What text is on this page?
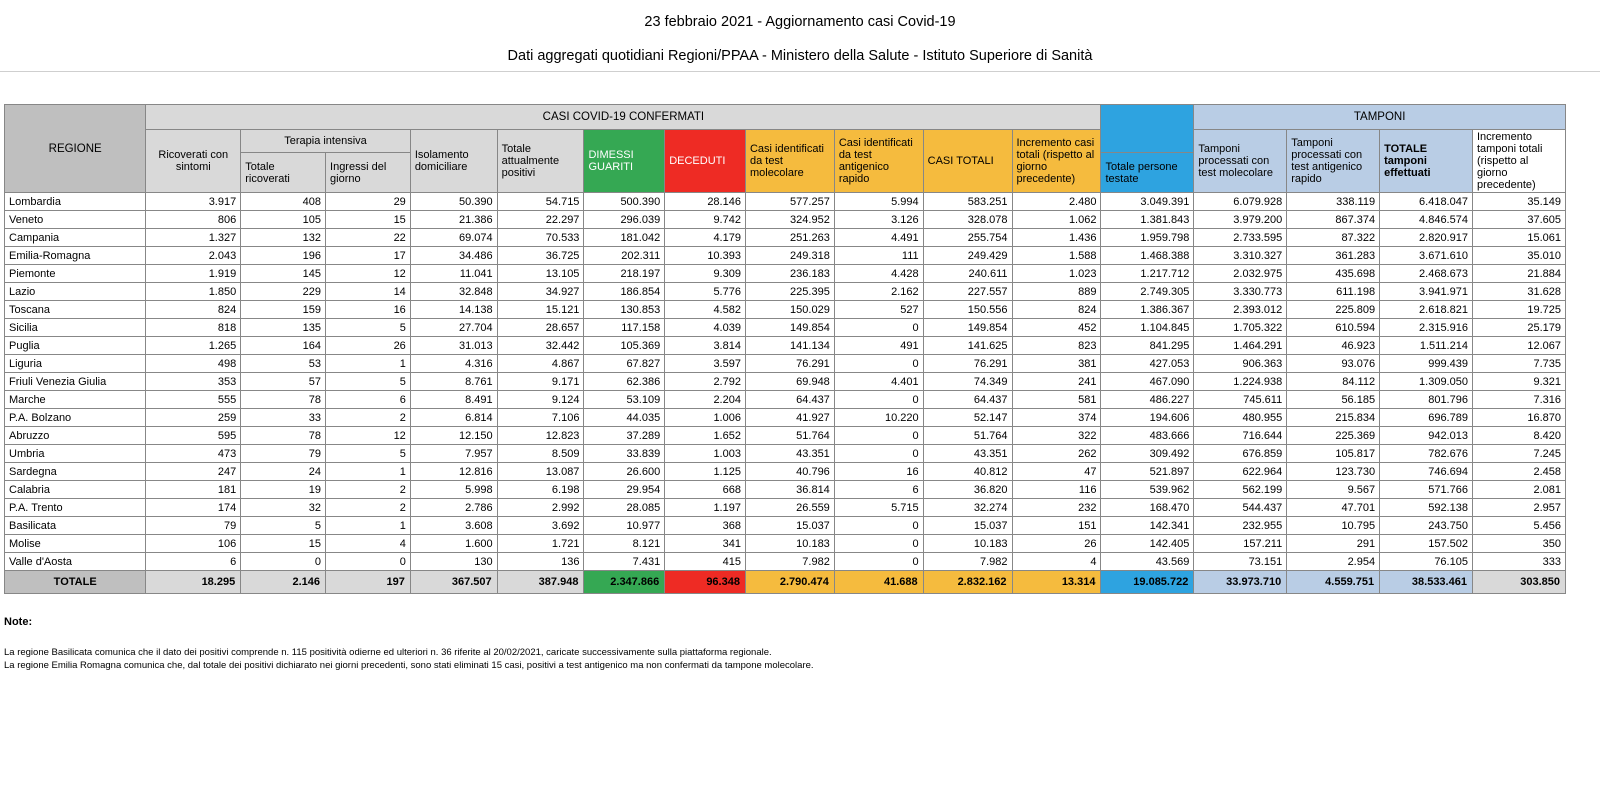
23 febbraio 2021 - Aggiornamento casi Covid-19
Dati aggregati quotidiani Regioni/PPAA - Ministero della Salute - Istituto Superiore di Sanità
REGIONE	CASI COVID-19 CONFERMATI												TAMPONI			
	Ricoverati con sintomi	Terapia intensiva		Isolamento domiciliare	Totale attualmente positivi	DIMESSI GUARITI	DECEDUTI	Casi identificati da test molecolare	Casi identificati da test antigenico rapido	CASI TOTALI	Incremento casi totali (rispetto al giorno precedente)		Tamponi processati con test molecolare	Tamponi processati con test antigenico rapido	TOTALE tamponi effettuati	Incremento tamponi totali (rispetto al giorno precedente)
		Totale ricoverati	Ingressi del giorno									Totale persone testate				
Lombardia	3.917	408	29	50.390	54.715	500.390	28.146	577.257	5.994	583.251	2.480	3.049.391	6.079.928	338.119	6.418.047	35.149
Veneto	806	105	15	21.386	22.297	296.039	9.742	324.952	3.126	328.078	1.062	1.381.843	3.979.200	867.374	4.846.574	37.605
Campania	1.327	132	22	69.074	70.533	181.042	4.179	251.263	4.491	255.754	1.436	1.959.798	2.733.595	87.322	2.820.917	15.061
Emilia-Romagna	2.043	196	17	34.486	36.725	202.311	10.393	249.318	111	249.429	1.588	1.468.388	3.310.327	361.283	3.671.610	35.010
Piemonte	1.919	145	12	11.041	13.105	218.197	9.309	236.183	4.428	240.611	1.023	1.217.712	2.032.975	435.698	2.468.673	21.884
Lazio	1.850	229	14	32.848	34.927	186.854	5.776	225.395	2.162	227.557	889	2.749.305	3.330.773	611.198	3.941.971	31.628
Toscana	824	159	16	14.138	15.121	130.853	4.582	150.029	527	150.556	824	1.386.367	2.393.012	225.809	2.618.821	19.725
Sicilia	818	135	5	27.704	28.657	117.158	4.039	149.854	0	149.854	452	1.104.845	1.705.322	610.594	2.315.916	25.179
Puglia	1.265	164	26	31.013	32.442	105.369	3.814	141.134	491	141.625	823	841.295	1.464.291	46.923	1.511.214	12.067
Liguria	498	53	1	4.316	4.867	67.827	3.597	76.291	0	76.291	381	427.053	906.363	93.076	999.439	7.735
Friuli Venezia Giulia	353	57	5	8.761	9.171	62.386	2.792	69.948	4.401	74.349	241	467.090	1.224.938	84.112	1.309.050	9.321
Marche	555	78	6	8.491	9.124	53.109	2.204	64.437	0	64.437	581	486.227	745.611	56.185	801.796	7.316
P.A. Bolzano	259	33	2	6.814	7.106	44.035	1.006	41.927	10.220	52.147	374	194.606	480.955	215.834	696.789	16.870
Abruzzo	595	78	12	12.150	12.823	37.289	1.652	51.764	0	51.764	322	483.666	716.644	225.369	942.013	8.420
Umbria	473	79	5	7.957	8.509	33.839	1.003	43.351	0	43.351	262	309.492	676.859	105.817	782.676	7.245
Sardegna	247	24	1	12.816	13.087	26.600	1.125	40.796	16	40.812	47	521.897	622.964	123.730	746.694	2.458
Calabria	181	19	2	5.998	6.198	29.954	668	36.814	6	36.820	116	539.962	562.199	9.567	571.766	2.081
P.A. Trento	174	32	2	2.786	2.992	28.085	1.197	26.559	5.715	32.274	232	168.470	544.437	47.701	592.138	2.957
Basilicata	79	5	1	3.608	3.692	10.977	368	15.037	0	15.037	151	142.341	232.955	10.795	243.750	5.456
Molise	106	15	4	1.600	1.721	8.121	341	10.183	0	10.183	26	142.405	157.211	291	157.502	350
Valle d'Aosta	6	0	0	130	136	7.431	415	7.982	0	7.982	4	43.569	73.151	2.954	76.105	333
TOTALE	18.295	2.146	197	367.507	387.948	2.347.866	96.348	2.790.474	41.688	2.832.162	13.314	19.085.722	33.973.710	4.559.751	38.533.461	303.850
Note:
La regione Basilicata comunica che il dato dei positivi comprende n. 115 positività odierne ed ulteriori n. 36 riferite al 20/02/2021, caricate successivamente sulla piattaforma regionale.
La regione Emilia Romagna comunica che, dal totale dei positivi dichiarato nei giorni precedenti, sono stati eliminati 15 casi, positivi a test antigenico ma non confermati da tampone molecolare.
